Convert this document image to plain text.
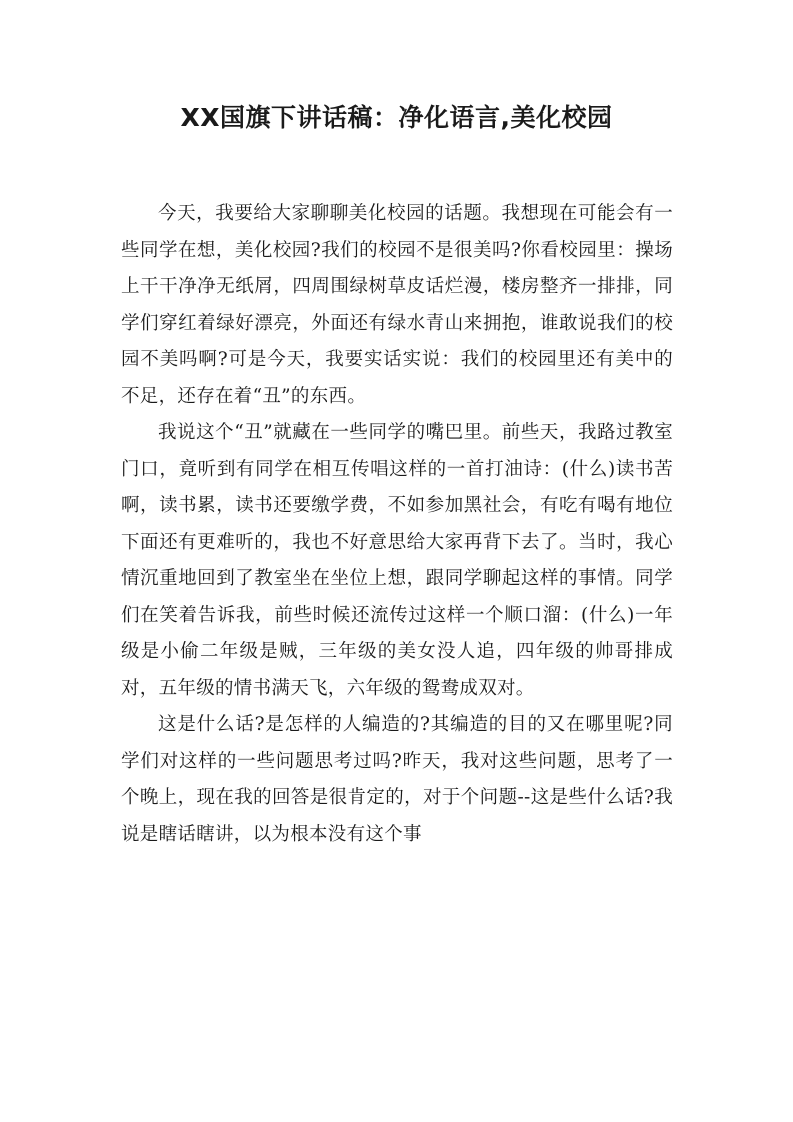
XX国旗下讲话稿：净化语言,美化校园

今天，我要给大家聊聊美化校园的话题。我想现在可能会有一些同学在想，美化校园?我们的校园不是很美吗?你看校园里：操场上干干净净无纸屑，四周围绿树草皮话烂漫，楼房整齐一排排，同学们穿红着绿好漂亮，外面还有绿水青山来拥抱，谁敢说我们的校园不美吗啊?可是今天，我要实话实说：我们的校园里还有美中的不足，还存在着“丑”的东西。

我说这个“丑”就藏在一些同学的嘴巴里。前些天，我路过教室门口，竟听到有同学在相互传唱这样的一首打油诗：(什么)读书苦啊，读书累，读书还要缴学费，不如参加黑社会，有吃有喝有地位下面还有更难听的，我也不好意思给大家再背下去了。当时，我心情沉重地回到了教室坐在坐位上想，跟同学聊起这样的事情。同学们在笑着告诉我，前些时候还流传过这样一个顺口溜：(什么)一年级是小偷二年级是贼，三年级的美女没人追，四年级的帅哥排成对，五年级的情书满天飞，六年级的鸳鸯成双对。

这是什么话?是怎样的人编造的?其编造的目的又在哪里呢?同学们对这样的一些问题思考过吗?昨天，我对这些问题，思考了一个晚上，现在我的回答是很肯定的，对于个问题--这是些什么话?我说是瞎话瞎讲，以为根本没有这个事
